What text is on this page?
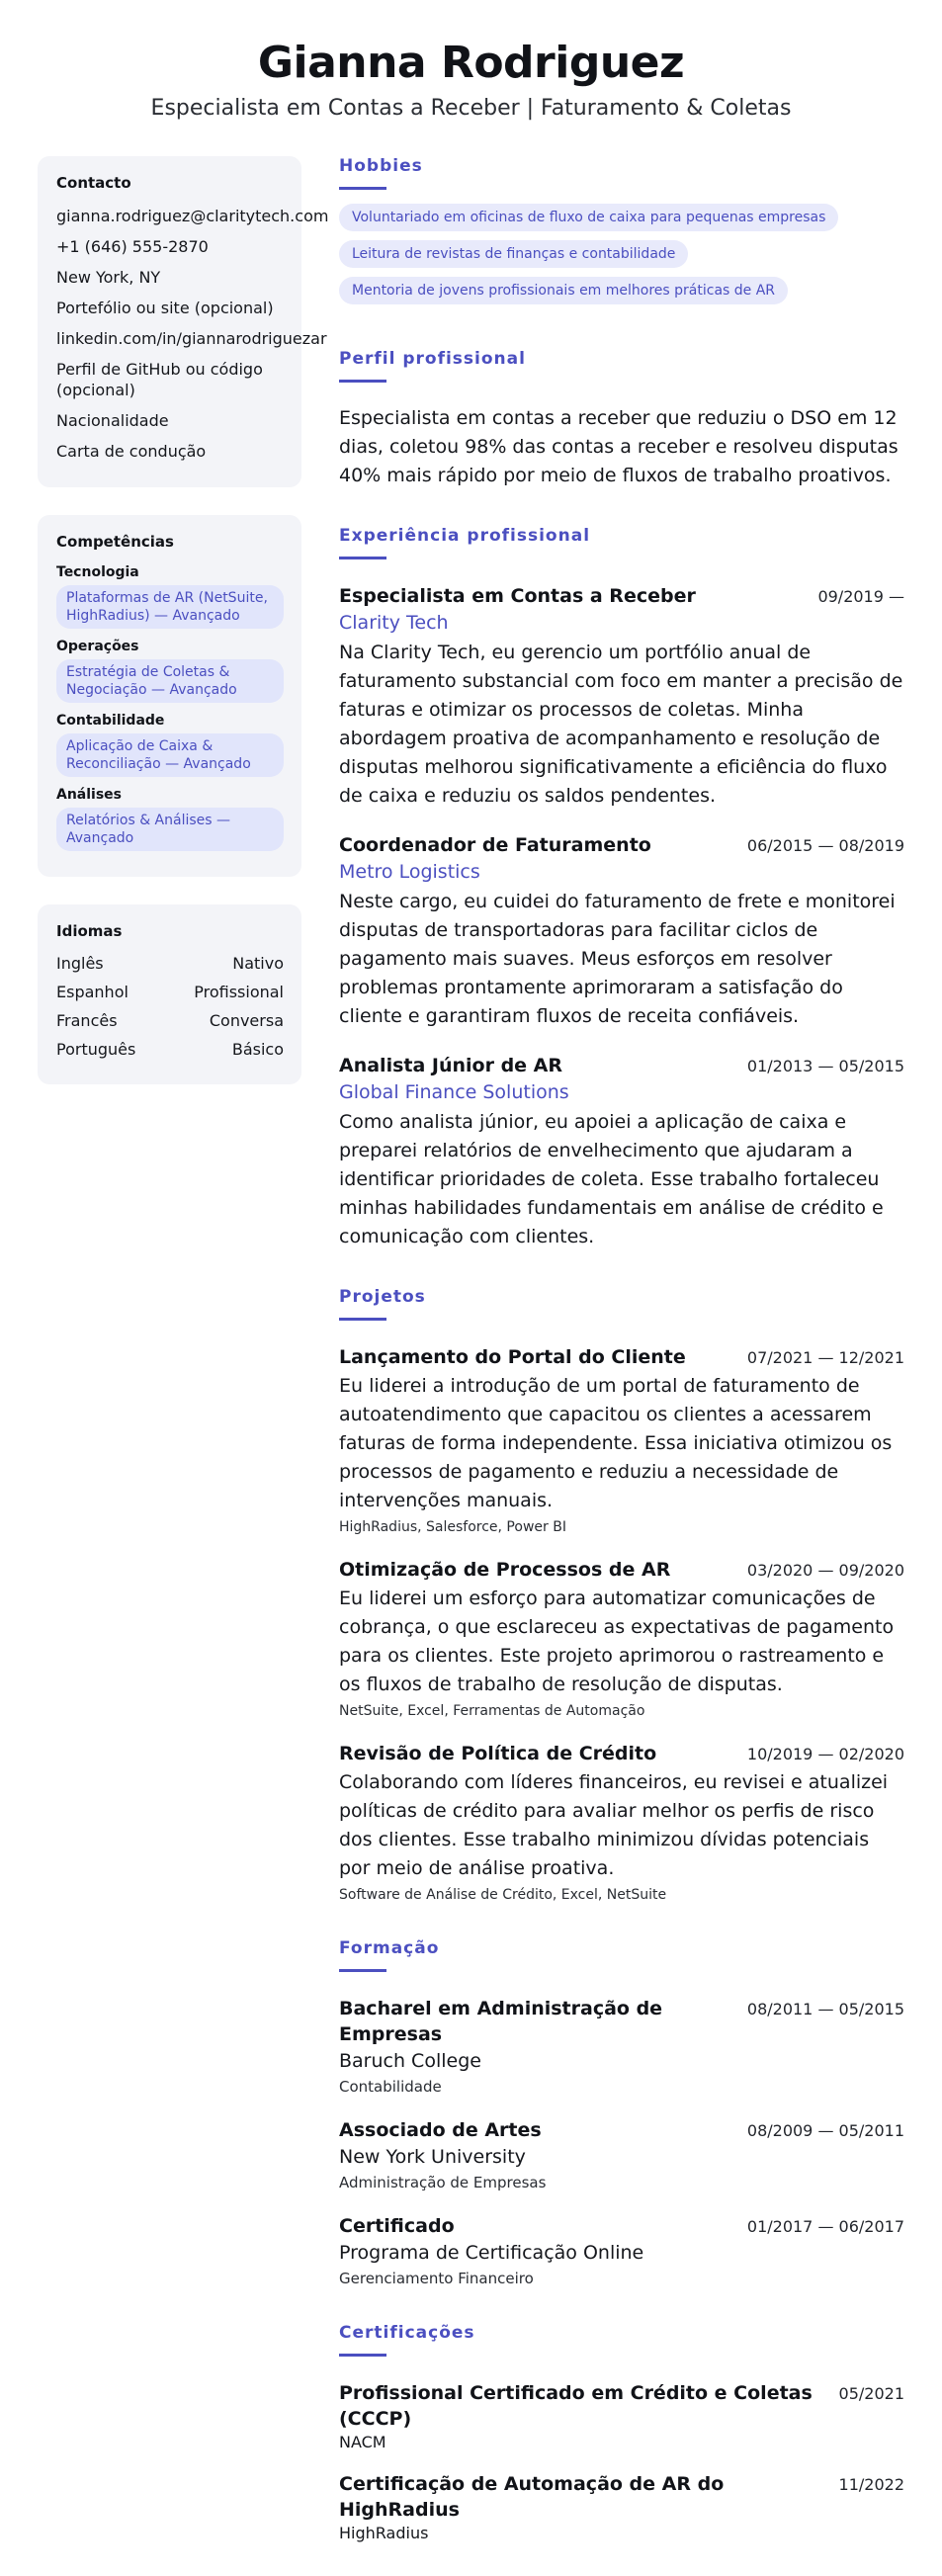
Gianna Rodriguez
Especialista em Contas a Receber | Faturamento & Coletas
Contacto
gianna.rodriguez@claritytech.com
+1 (646) 555-2870
New York, NY
Portefólio ou site (opcional)
linkedin.com/in/giannarodriguezar
Perfil de GitHub ou código (opcional)
Nacionalidade
Carta de condução
Competências
Tecnologia
Plataformas de AR (NetSuite, HighRadius) — Avançado
Operações
Estratégia de Coletas & Negociação — Avançado
Contabilidade
Aplicação de Caixa & Reconciliação — Avançado
Análises
Relatórios & Análises — Avançado
Idiomas
Inglês	Nativo
Espanhol	Profissional
Francês	Conversa
Português	Básico
Hobbies
Voluntariado em oficinas de fluxo de caixa para pequenas empresas
Leitura de revistas de finanças e contabilidade
Mentoria de jovens profissionais em melhores práticas de AR
Perfil profissional
Especialista em contas a receber que reduziu o DSO em 12 dias, coletou 98% das contas a receber e resolveu disputas 40% mais rápido por meio de fluxos de trabalho proativos.
Experiência profissional
Especialista em Contas a Receber	09/2019 —
Clarity Tech
Na Clarity Tech, eu gerencio um portfólio anual de faturamento substancial com foco em manter a precisão de faturas e otimizar os processos de coletas. Minha abordagem proativa de acompanhamento e resolução de disputas melhorou significativamente a eficiência do fluxo de caixa e reduziu os saldos pendentes.
Coordenador de Faturamento	06/2015 — 08/2019
Metro Logistics
Neste cargo, eu cuidei do faturamento de frete e monitorei disputas de transportadoras para facilitar ciclos de pagamento mais suaves. Meus esforços em resolver problemas prontamente aprimoraram a satisfação do cliente e garantiram fluxos de receita confiáveis.
Analista Júnior de AR	01/2013 — 05/2015
Global Finance Solutions
Como analista júnior, eu apoiei a aplicação de caixa e preparei relatórios de envelhecimento que ajudaram a identificar prioridades de coleta. Esse trabalho fortaleceu minhas habilidades fundamentais em análise de crédito e comunicação com clientes.
Projetos
Lançamento do Portal do Cliente	07/2021 — 12/2021
Eu liderei a introdução de um portal de faturamento de autoatendimento que capacitou os clientes a acessarem faturas de forma independente. Essa iniciativa otimizou os processos de pagamento e reduziu a necessidade de intervenções manuais.
HighRadius, Salesforce, Power BI
Otimização de Processos de AR	03/2020 — 09/2020
Eu liderei um esforço para automatizar comunicações de cobrança, o que esclareceu as expectativas de pagamento para os clientes. Este projeto aprimorou o rastreamento e os fluxos de trabalho de resolução de disputas.
NetSuite, Excel, Ferramentas de Automação
Revisão de Política de Crédito	10/2019 — 02/2020
Colaborando com líderes financeiros, eu revisei e atualizei políticas de crédito para avaliar melhor os perfis de risco dos clientes. Esse trabalho minimizou dívidas potenciais por meio de análise proativa.
Software de Análise de Crédito, Excel, NetSuite
Formação
Bacharel em Administração de Empresas
08/2011 — 05/2015
Baruch College
Contabilidade
Associado de Artes	08/2009 — 05/2011
New York University
Administração de Empresas
Certificado	01/2017 — 06/2017
Programa de Certificação Online
Gerenciamento Financeiro
Certificações
Profissional Certificado em Crédito e Coletas (CCCP)
05/2021
NACM
Certificação de Automação de AR do HighRadius
11/2022
HighRadius
